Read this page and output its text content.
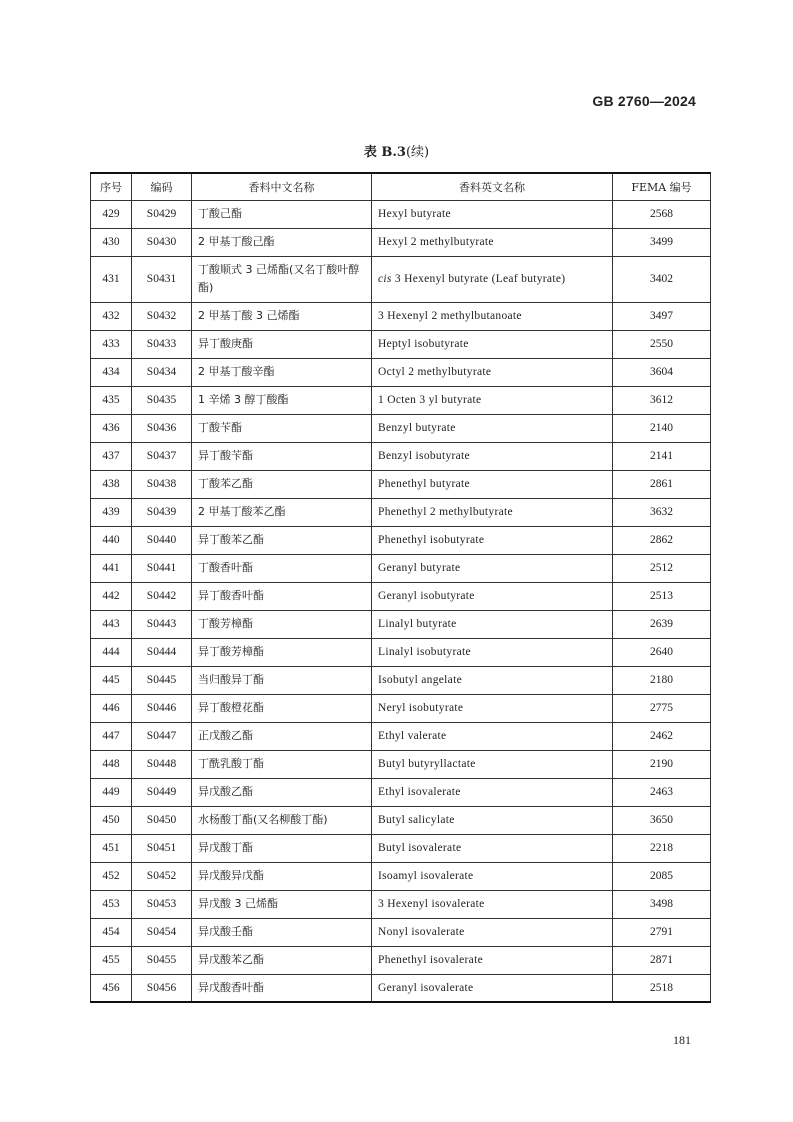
GB 2760—2024
表 B.3(续)
序号	编码	香料中文名称	香料英文名称	FEMA 编号
429	S0429	丁酸己酯	Hexyl butyrate	2568
430	S0430	2 甲基丁酸己酯	Hexyl 2 methylbutyrate	3499
431	S0431	丁酸顺式 3 己烯酯(又名丁酸叶醇酯)	cis 3 Hexenyl butyrate (Leaf butyrate)	3402
432	S0432	2 甲基丁酸 3 己烯酯	3 Hexenyl 2 methylbutanoate	3497
433	S0433	异丁酸庚酯	Heptyl isobutyrate	2550
434	S0434	2 甲基丁酸辛酯	Octyl 2 methylbutyrate	3604
435	S0435	1 辛烯 3 醇丁酸酯	1 Octen 3 yl butyrate	3612
436	S0436	丁酸苄酯	Benzyl butyrate	2140
437	S0437	异丁酸苄酯	Benzyl isobutyrate	2141
438	S0438	丁酸苯乙酯	Phenethyl butyrate	2861
439	S0439	2 甲基丁酸苯乙酯	Phenethyl 2 methylbutyrate	3632
440	S0440	异丁酸苯乙酯	Phenethyl isobutyrate	2862
441	S0441	丁酸香叶酯	Geranyl butyrate	2512
442	S0442	异丁酸香叶酯	Geranyl isobutyrate	2513
443	S0443	丁酸芳樟酯	Linalyl butyrate	2639
444	S0444	异丁酸芳樟酯	Linalyl isobutyrate	2640
445	S0445	当归酸异丁酯	Isobutyl angelate	2180
446	S0446	异丁酸橙花酯	Neryl isobutyrate	2775
447	S0447	正戊酸乙酯	Ethyl valerate	2462
448	S0448	丁酰乳酸丁酯	Butyl butyryllactate	2190
449	S0449	异戊酸乙酯	Ethyl isovalerate	2463
450	S0450	水杨酸丁酯(又名柳酸丁酯)	Butyl salicylate	3650
451	S0451	异戊酸丁酯	Butyl isovalerate	2218
452	S0452	异戊酸异戊酯	Isoamyl isovalerate	2085
453	S0453	异戊酸 3 己烯酯	3 Hexenyl isovalerate	3498
454	S0454	异戊酸壬酯	Nonyl isovalerate	2791
455	S0455	异戊酸苯乙酯	Phenethyl isovalerate	2871
456	S0456	异戊酸香叶酯	Geranyl isovalerate	2518
181
